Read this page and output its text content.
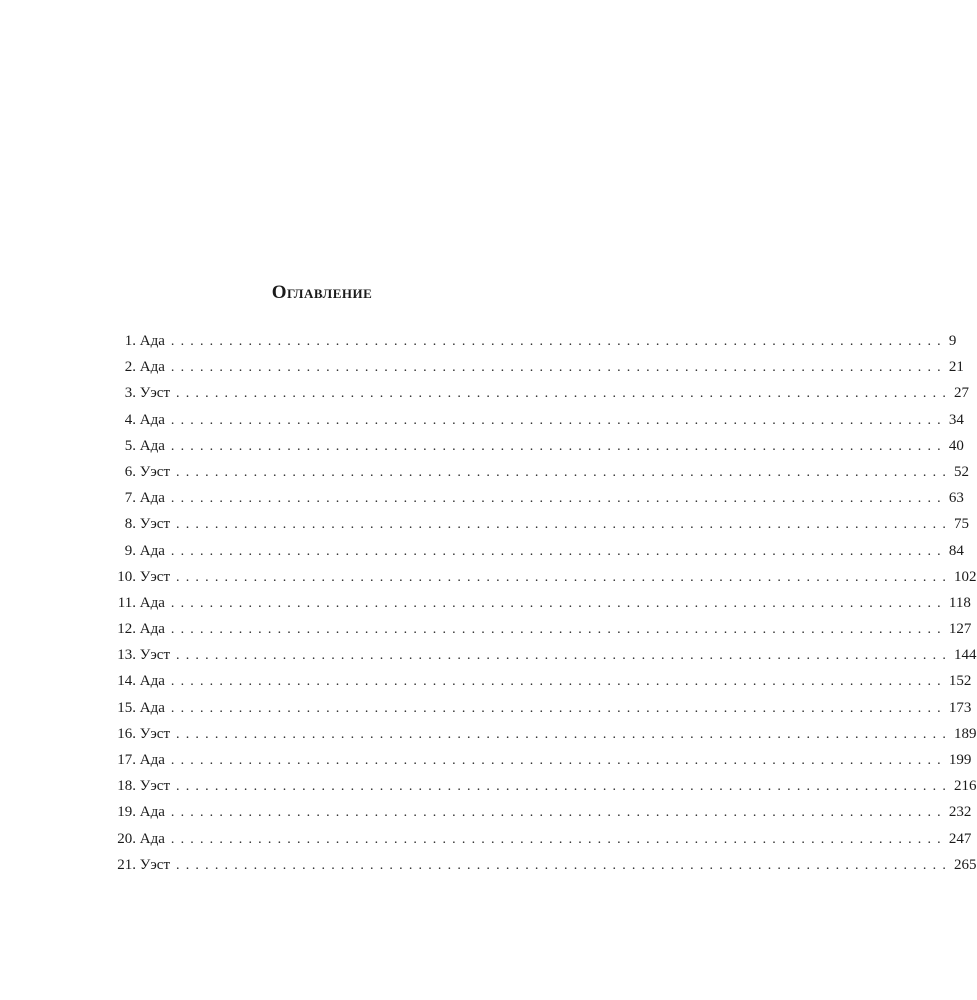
Оглавление
1. Ада ................................................................................ 9
2. Ада ................................................................................ 21
3. Уэст ................................................................................ 27
4. Ада ................................................................................ 34
5. Ада ................................................................................ 40
6. Уэст ................................................................................ 52
7. Ада ................................................................................ 63
8. Уэст ................................................................................ 75
9. Ада ................................................................................ 84
10. Уэст ................................................................................ 102
11. Ада ................................................................................ 118
12. Ада ................................................................................ 127
13. Уэст ................................................................................ 144
14. Ада ................................................................................ 152
15. Ада ................................................................................ 173
16. Уэст ................................................................................ 189
17. Ада ................................................................................ 199
18. Уэст ................................................................................ 216
19. Ада ................................................................................ 232
20. Ада ................................................................................ 247
21. Уэст ................................................................................ 265
